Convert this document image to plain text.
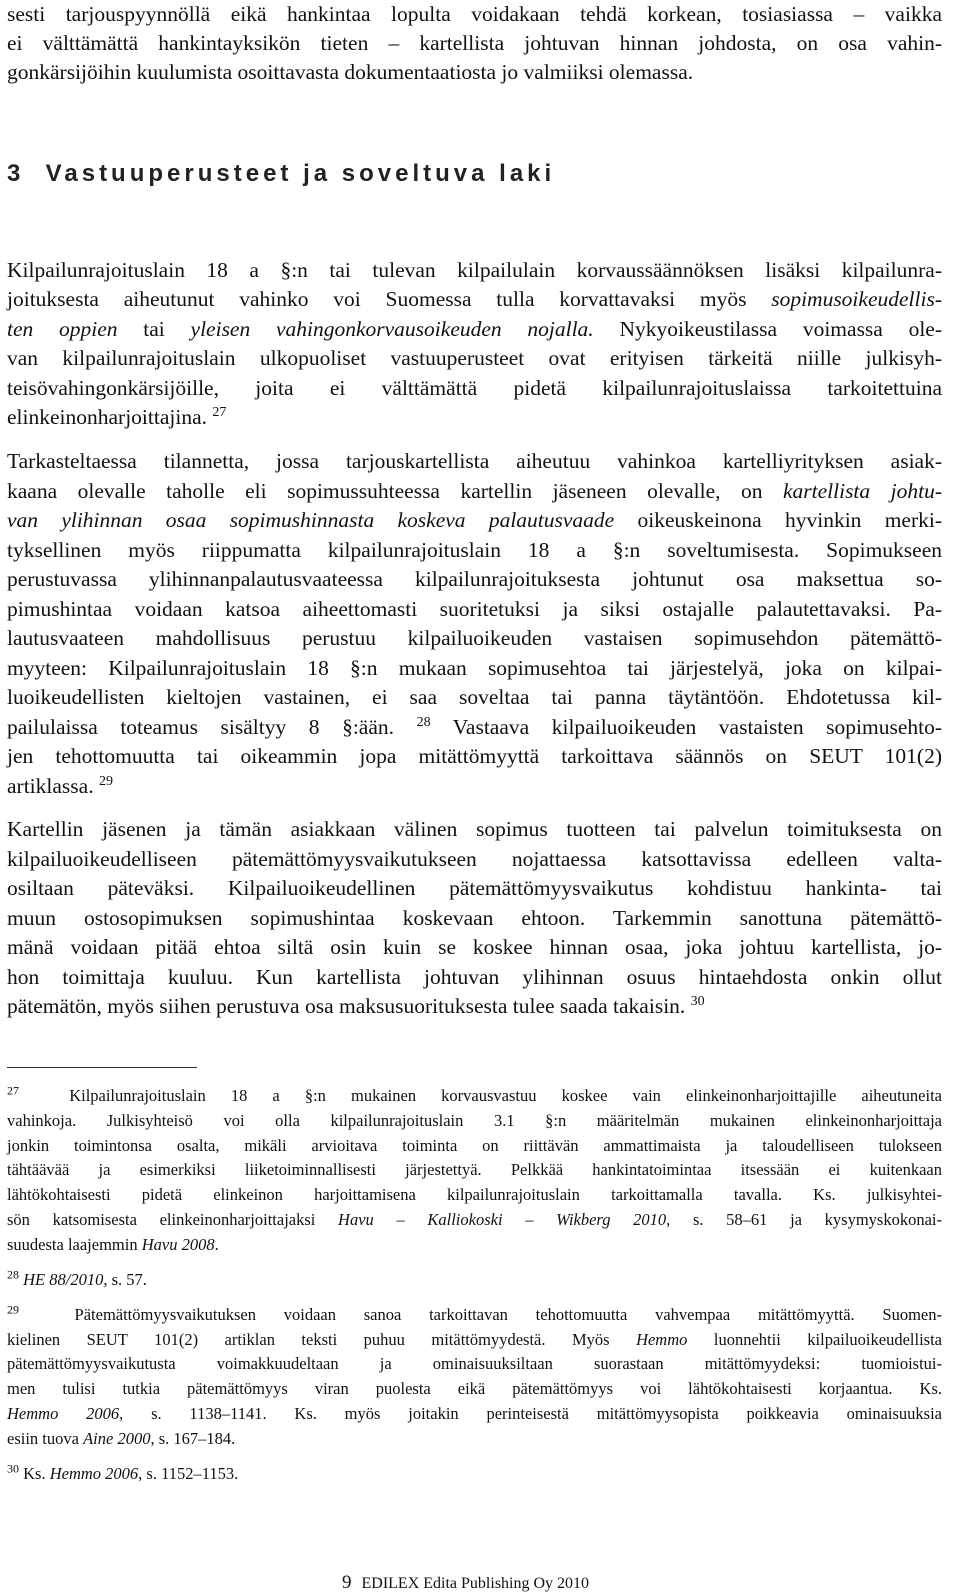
sesti tarjouspyynnöllä eikä hankintaa lopulta voidakaan tehdä korkean, tosiasiassa – vaikka
ei välttämättä hankintayksikön tieten – kartellista johtuvan hinnan johdosta, on osa vahin-
gonkärsijöihin kuulumista osoittavasta dokumentaatiosta jo valmiiksi olemassa.
3  Vastuuperusteet ja soveltuva laki
Kilpailunrajoituslain 18 a §:n tai tulevan kilpailulain korvaussäännöksen lisäksi kilpailunra-
joituksesta aiheutunut vahinko voi Suomessa tulla korvattavaksi myös sopimusoikeudellis-
ten oppien tai yleisen vahingonkorvausoikeuden nojalla. Nykyoikeustilassa voimassa ole-
van kilpailunrajoituslain ulkopuoliset vastuuperusteet ovat erityisen tärkeitä niille julkisyh-
teisövahingonkärsijöille, joita ei välttämättä pidetä kilpailunrajoituslaissa tarkoitettuina
elinkeinonharjoittajina. $^{27}$
Tarkasteltaessa tilannetta, jossa tarjouskartellista aiheutuu vahinkoa kartelliyrityksen asiak-
kaana olevalle taholle eli sopimussuhteessa kartellin jäseneen olevalle, on kartellista johtu-
van ylihinnan osaa sopimushinnasta koskeva palautusvaade oikeuskeinona hyvinkin merki-
tyksellinen myös riippumatta kilpailunrajoituslain 18 a §:n soveltumisesta. Sopimukseen
perustuvassa ylihinnanpalautusvaateessa kilpailunrajoituksesta johtunut osa maksettua so-
pimushintaa voidaan katsoa aiheettomasti suoritetuksi ja siksi ostajalle palautettavaksi. Pa-
lautusvaateen mahdollisuus perustuu kilpailuoikeuden vastaisen sopimusehdon pätemättö-
myyteen: Kilpailunrajoituslain 18 §:n mukaan sopimusehtoa tai järjestelyä, joka on kilpai-
luoikeudellisten kieltojen vastainen, ei saa soveltaa tai panna täytäntöön. Ehdotetussa kil-
pailulaissa toteamus sisältyy 8 §:ään. $^{28}$ Vastaava kilpailuoikeuden vastaisten sopimusehto-
jen tehottomuutta tai oikeammin jopa mitättömyyttä tarkoittava säännös on SEUT 101(2)
artiklassa. $^{29}$
Kartellin jäsenen ja tämän asiakkaan välinen sopimus tuotteen tai palvelun toimituksesta on
kilpailuoikeudelliseen pätemättömyysvaikutukseen nojattaessa katsottavissa edelleen valta-
osiltaan päteväksi. Kilpailuoikeudellinen pätemättömyysvaikutus kohdistuu hankinta- tai
muun ostosopimuksen sopimushintaa koskevaan ehtoon. Tarkemmin sanottuna pätemättö-
mänä voidaan pitää ehtoa siltä osin kuin se koskee hinnan osaa, joka johtuu kartellista, jo-
hon toimittaja kuuluu. Kun kartellista johtuvan ylihinnan osuus hintaehdosta onkin ollut
pätemätön, myös siihen perustuva osa maksusuorituksesta tulee saada takaisin. $^{30}$
$^{27}$	Kilpailunrajoituslain 18 a §:n mukainen korvausvastuu koskee vain elinkeinonharjoittajille aiheutuneita
vahinkoja. Julkisyhteisö voi olla kilpailunrajoituslain 3.1 §:n määritelmän mukainen elinkeinonharjoittaja
jonkin toimintonsa osalta, mikäli arvioitava toiminta on riittävän ammattimaista ja taloudelliseen tulokseen
tähtäävää ja esimerkiksi liiketoiminnallisesti järjestettyä. Pelkkää hankintatoimintaa itsessään ei kuitenkaan
lähtökohtaisesti pidetä elinkeinon harjoittamisena kilpailunrajoituslain tarkoittamalla tavalla. Ks. julkisyhtei-
sön katsomisesta elinkeinonharjoittajaksi Havu – Kalliokoski – Wikberg 2010, s. 58–61 ja kysymyskokonai-
suudesta laajemmin Havu 2008.
$^{28}$ HE 88/2010, s. 57.
$^{29}$	Pätemättömyysvaikutuksen voidaan sanoa tarkoittavan tehottomuutta vahvempaa mitättömyyttä. Suomen-
kielinen SEUT 101(2) artiklan teksti puhuu mitättömyydestä. Myös Hemmo luonnehtii kilpailuoikeudellista
pätemättömyysvaikutusta voimakkuudeltaan ja ominaisuuksiltaan suorastaan mitättömyydeksi: tuomioistui-
men tulisi tutkia pätemättömyys viran puolesta eikä pätemättömyys voi lähtökohtaisesti korjaantua. Ks.
Hemmo 2006, s. 1138–1141. Ks. myös joitakin perinteisestä mitättömyysopista poikkeavia ominaisuuksia
esiin tuova Aine 2000, s. 167–184.
$^{30}$ Ks. Hemmo 2006, s. 1152–1153.
9 EDILEX Edita Publishing Oy 2010
